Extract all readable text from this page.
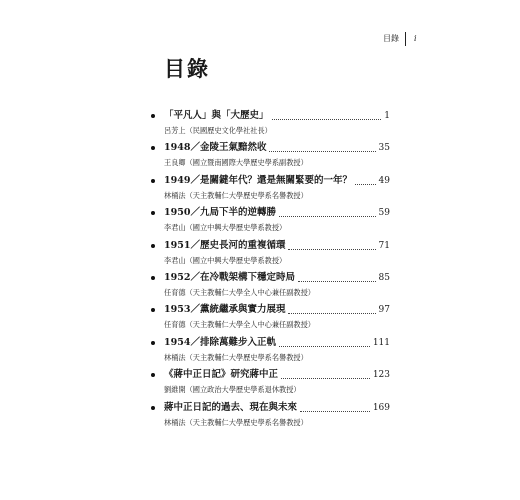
目錄 i
目錄
「平凡人」與「大歷史」	1
呂芳上（民國歷史文化學社社長）
1948／金陵王氣黯然收	35
王良卿（國立暨南國際大學歷史學系副教授）
1949／是關鍵年代？還是無關緊要的一年？	49
林桶法（天主教輔仁大學歷史學系名譽教授）
1950／九局下半的逆轉勝	59
李君山（國立中興大學歷史學系教授）
1951／歷史長河的重複循環	71
李君山（國立中興大學歷史學系教授）
1952／在冷戰架構下穩定時局	85
任育德（天主教輔仁大學全人中心兼任副教授）
1953／黨統繼承與實力展現	97
任育德（天主教輔仁大學全人中心兼任副教授）
1954／排除萬難步入正軌	111
林桶法（天主教輔仁大學歷史學系名譽教授）
《蔣中正日記》研究蔣中正	123
劉維開（國立政治大學歷史學系退休教授）
蔣中正日記的過去、現在與未來	169
林桶法（天主教輔仁大學歷史學系名譽教授）
